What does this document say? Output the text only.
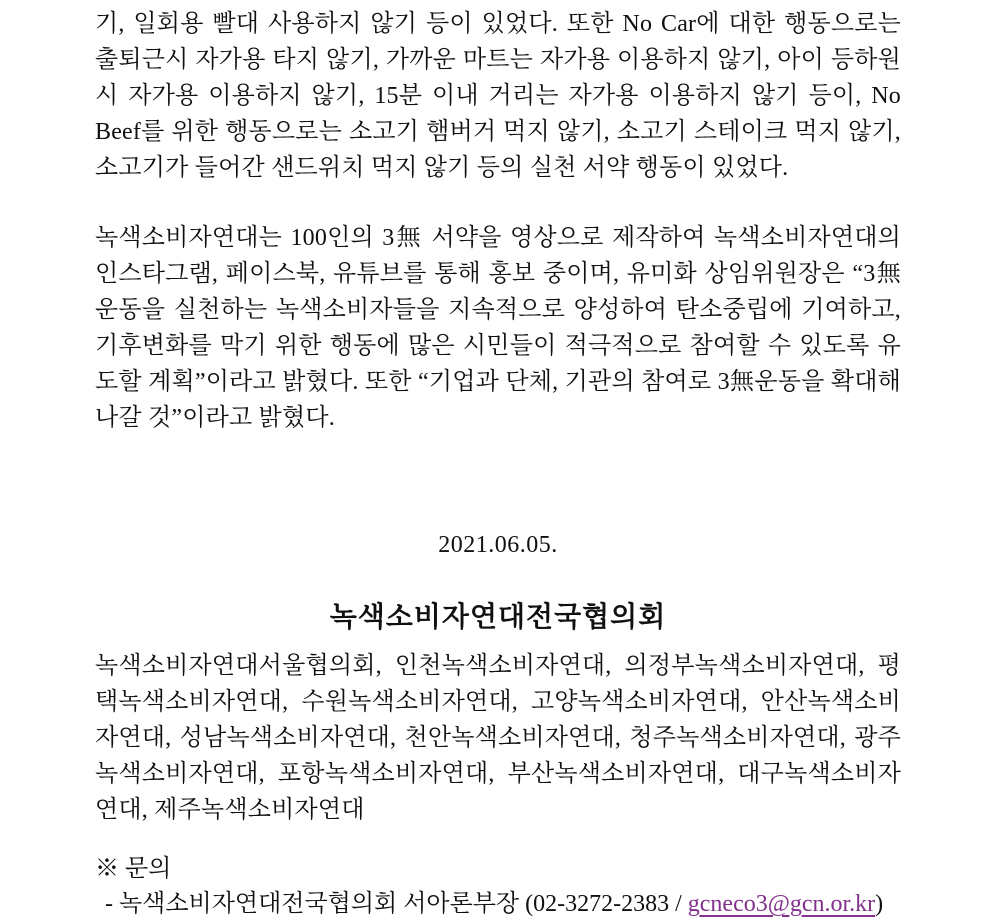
기, 일회용 빨대 사용하지 않기 등이 있었다. 또한 No Car에 대한 행동으로는 출퇴근시 자가용 타지 않기, 가까운 마트는 자가용 이용하지 않기, 아이 등하원 시 자가용 이용하지 않기, 15분 이내 거리는 자가용 이용하지 않기 등이, No Beef를 위한 행동으로는 소고기 햄버거 먹지 않기, 소고기 스테이크 먹지 않기, 소고기가 들어간 샌드위치 먹지 않기 등의 실천 서약 행동이 있었다.

녹색소비자연대는 100인의 3無 서약을 영상으로 제작하여 녹색소비자연대의 인스타그램, 페이스북, 유튜브를 통해 홍보 중이며, 유미화 상임위원장은 “3無 운동을 실천하는 녹색소비자들을 지속적으로 양성하여 탄소중립에 기여하고, 기후변화를 막기 위한 행동에 많은 시민들이 적극적으로 참여할 수 있도록 유도할 계획”이라고 밝혔다. 또한 “기업과 단체, 기관의 참여로 3無운동을 확대해 나갈 것”이라고 밝혔다.

2021.06.05.
녹색소비자연대전국협의회

녹색소비자연대서울협의회, 인천녹색소비자연대, 의정부녹색소비자연대, 평택녹색소비자연대, 수원녹색소비자연대, 고양녹색소비자연대, 안산녹색소비자연대, 성남녹색소비자연대, 천안녹색소비자연대, 청주녹색소비자연대, 광주녹색소비자연대, 포항녹색소비자연대, 부산녹색소비자연대, 대구녹색소비자연대, 제주녹색소비자연대

※ 문의
- 녹색소비자연대전국협의회 서아론부장 (02-3272-2383 / gcneco3@gcn.or.kr)
